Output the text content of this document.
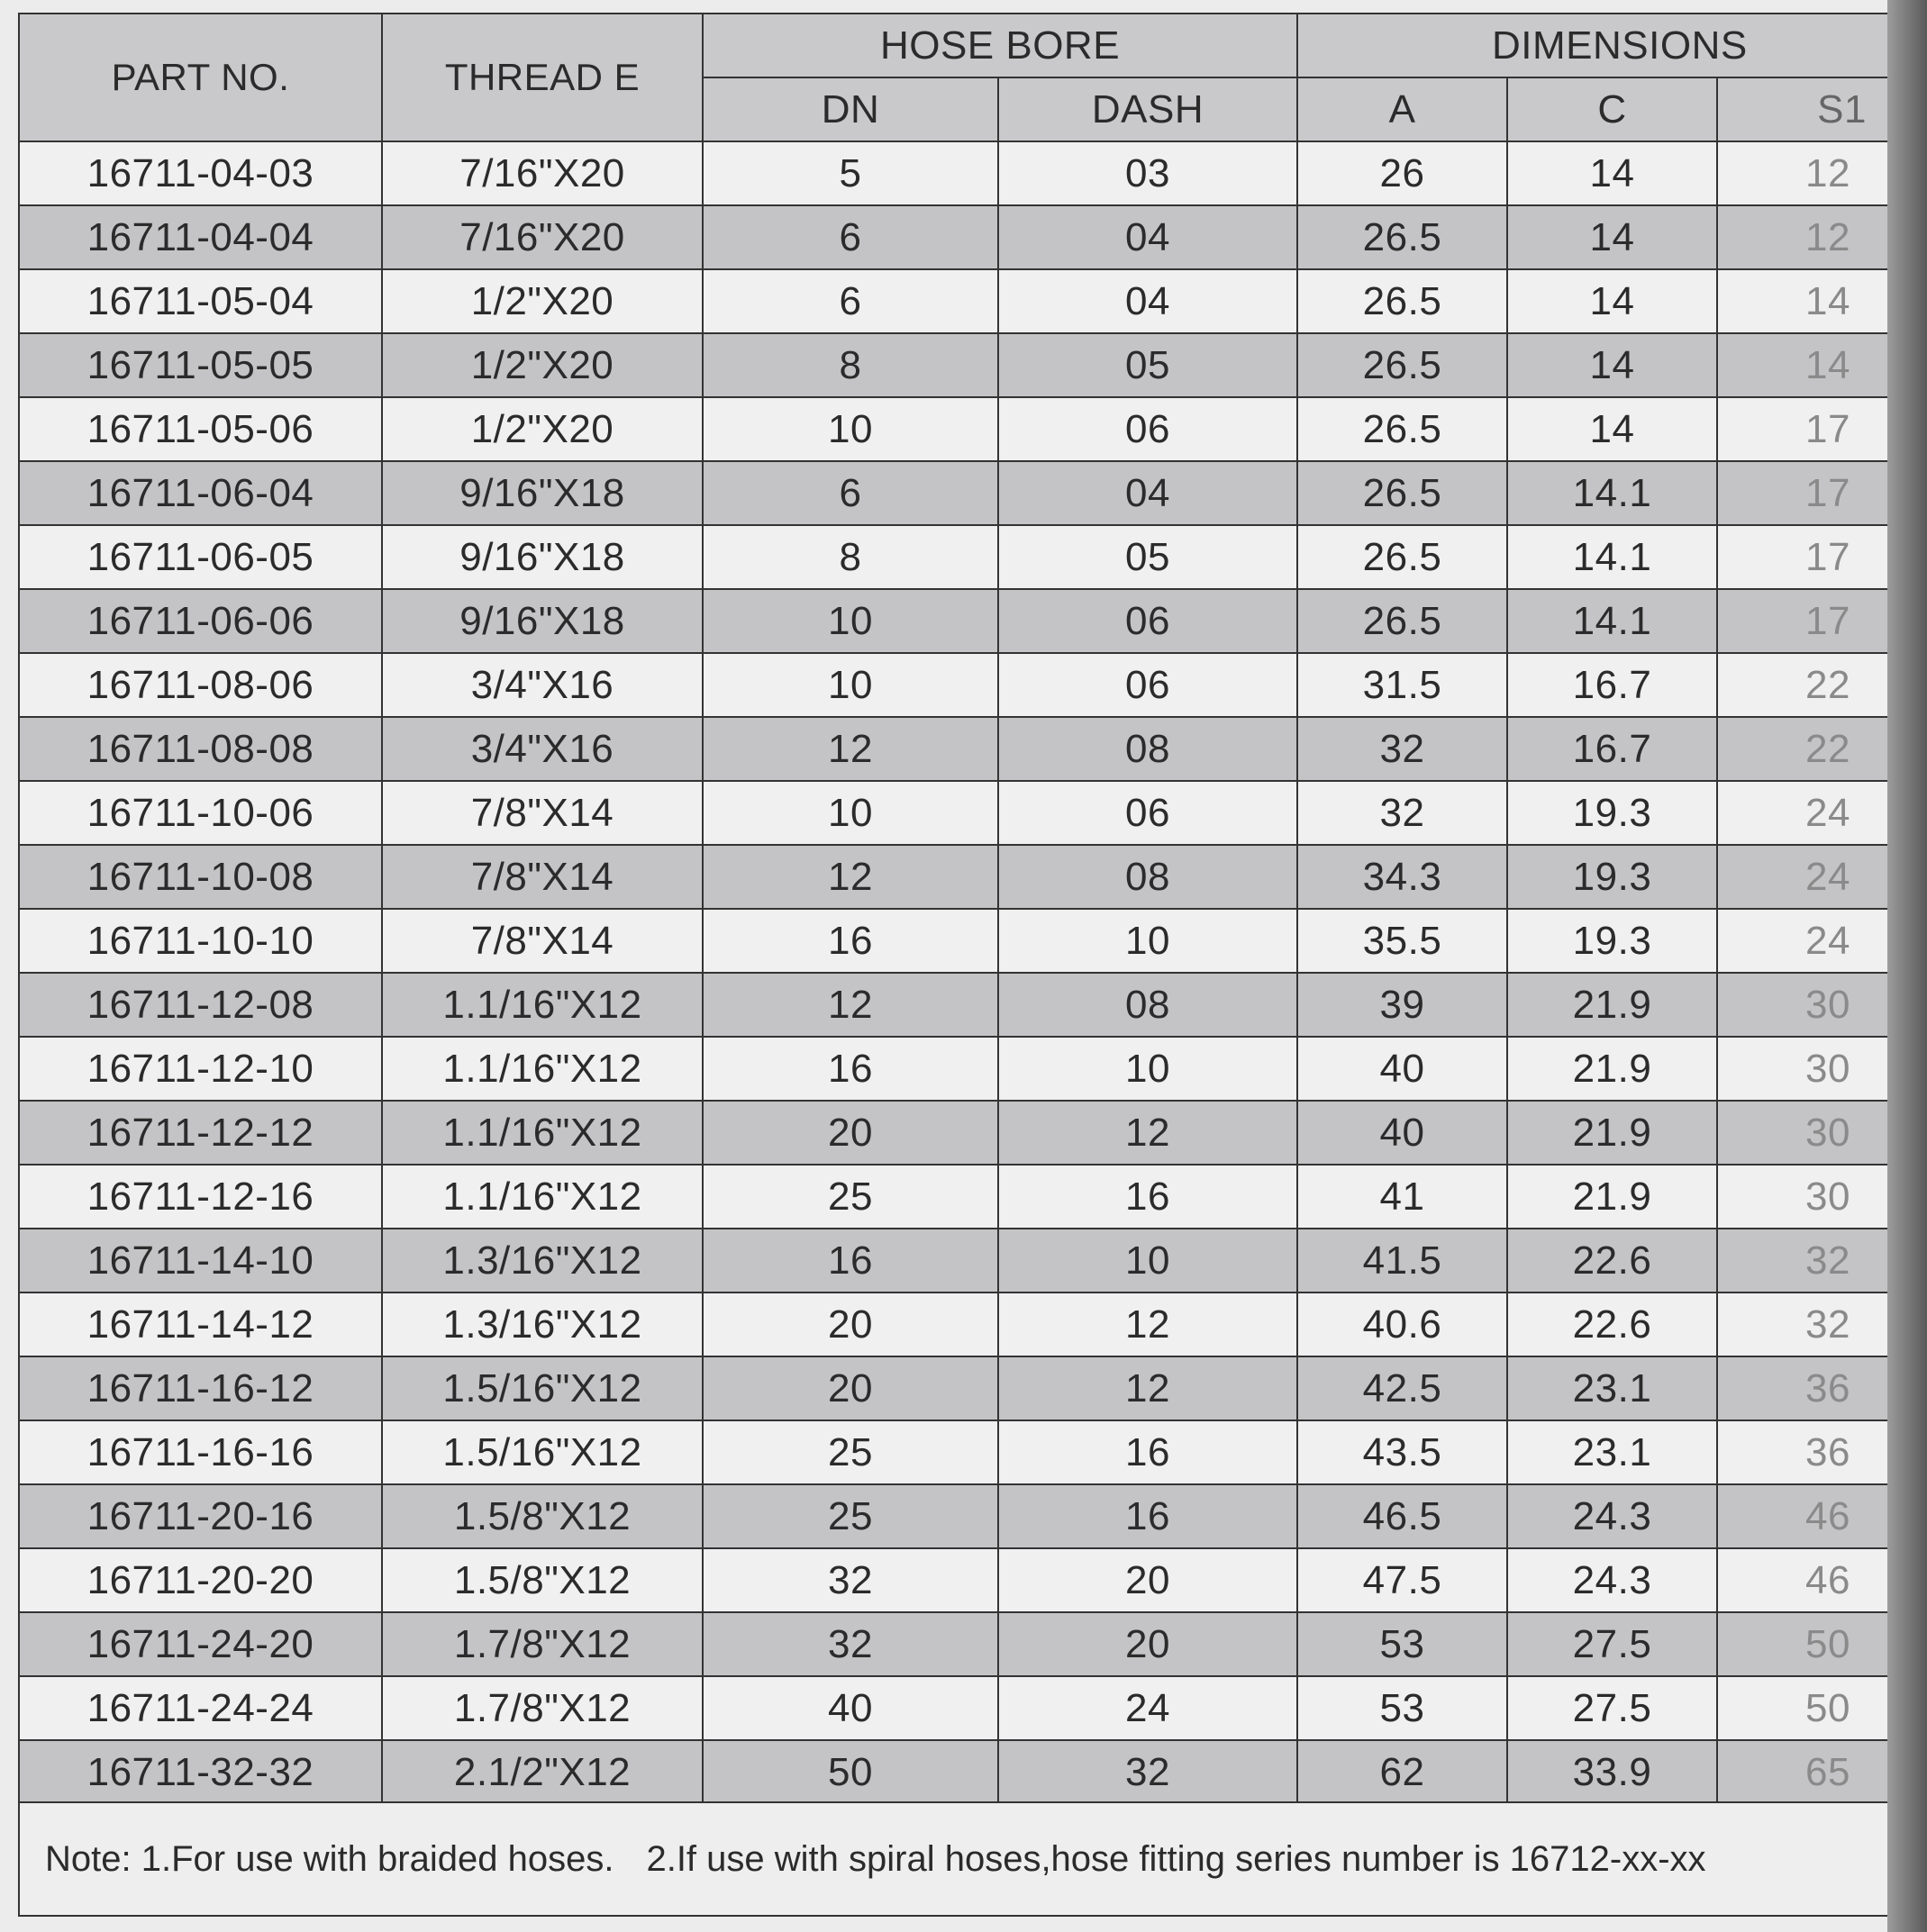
PART NO.	THREAD E	HOSE BORE		DIMENSIONS		
		DN	DASH	A	C	S1
16711-04-03	7/16"X20	5	03	26	14	12
16711-04-04	7/16"X20	6	04	26.5	14	12
16711-05-04	1/2"X20	6	04	26.5	14	14
16711-05-05	1/2"X20	8	05	26.5	14	14
16711-05-06	1/2"X20	10	06	26.5	14	17
16711-06-04	9/16"X18	6	04	26.5	14.1	17
16711-06-05	9/16"X18	8	05	26.5	14.1	17
16711-06-06	9/16"X18	10	06	26.5	14.1	17
16711-08-06	3/4"X16	10	06	31.5	16.7	22
16711-08-08	3/4"X16	12	08	32	16.7	22
16711-10-06	7/8"X14	10	06	32	19.3	24
16711-10-08	7/8"X14	12	08	34.3	19.3	24
16711-10-10	7/8"X14	16	10	35.5	19.3	24
16711-12-08	1.1/16"X12	12	08	39	21.9	30
16711-12-10	1.1/16"X12	16	10	40	21.9	30
16711-12-12	1.1/16"X12	20	12	40	21.9	30
16711-12-16	1.1/16"X12	25	16	41	21.9	30
16711-14-10	1.3/16"X12	16	10	41.5	22.6	32
16711-14-12	1.3/16"X12	20	12	40.6	22.6	32
16711-16-12	1.5/16"X12	20	12	42.5	23.1	36
16711-16-16	1.5/16"X12	25	16	43.5	23.1	36
16711-20-16	1.5/8"X12	25	16	46.5	24.3	46
16711-20-20	1.5/8"X12	32	20	47.5	24.3	46
16711-24-20	1.7/8"X12	32	20	53	27.5	50
16711-24-24	1.7/8"X12	40	24	53	27.5	50
16711-32-32	2.1/2"X12	50	32	62	33.9	65
Note: 1.For use with braided hoses. 2.If use with spiral hoses,hose fitting series number is 16712-xx-xx
